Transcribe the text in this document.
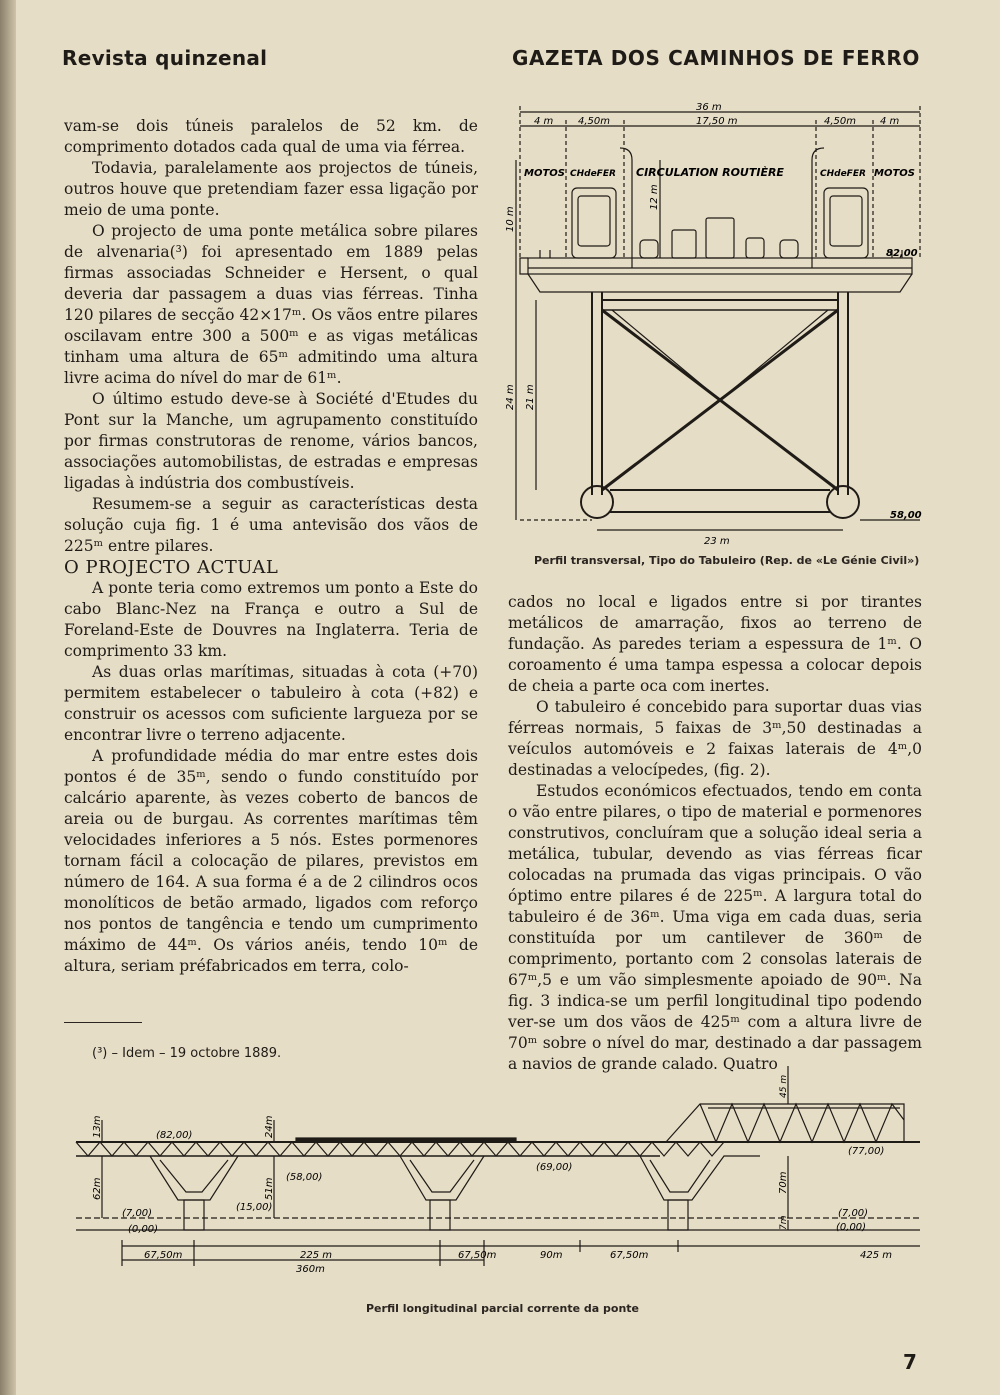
Revista quinzenal	GAZETA DOS CAMINHOS DE FERRO

vam-se dois túneis paralelos de 52 km. de comprimento dotados cada qual de uma via férrea.

Todavia, paralelamente aos projectos de túneis, outros houve que pretendiam fazer essa ligação por meio de uma ponte.

O projecto de uma ponte metálica sobre pilares de alvenaria(³) foi apresentado em 1889 pelas firmas associadas Schneider e Hersent, o qual deveria dar passagem a duas vias férreas. Tinha 120 pilares de secção 42×17ᵐ. Os vãos entre pilares oscilavam entre 300 a 500ᵐ e as vigas metálicas tinham uma altura de 65ᵐ admitindo uma altura livre acima do nível do mar de 61ᵐ.

O último estudo deve-se à Société d'Etudes du Pont sur la Manche, um agrupamento constituído por firmas construtoras de renome, vários bancos, associações automobilistas, de estradas e empresas ligadas à indústria dos combustíveis.

Resumem-se a seguir as características desta solução cuja fig. 1 é uma antevisão dos vãos de 225ᵐ entre pilares.

O PROJECTO ACTUAL

A ponte teria como extremos um ponto a Este do cabo Blanc-Nez na França e outro a Sul de Foreland-Este de Douvres na Inglaterra. Teria de comprimento 33 km.

As duas orlas marítimas, situadas à cota (+70) permitem estabelecer o tabuleiro à cota (+82) e construir os acessos com suficiente largueza por se encontrar livre o terreno adjacente.

A profundidade média do mar entre estes dois pontos é de 35ᵐ, sendo o fundo constituído por calcário aparente, às vezes coberto de bancos de areia ou de burgau. As correntes marítimas têm velocidades inferiores a 5 nós. Estes pormenores tornam fácil a colocação de pilares, previstos em número de 164. A sua forma é a de 2 cilindros ocos monolíticos de betão armado, ligados com reforço nos pontos de tangência e tendo um cumprimento máximo de 44ᵐ. Os vários anéis, tendo 10ᵐ de altura, seriam préfabricados em terra, colo-

(³) – Idem – 19 octobre 1889.

cados no local e ligados entre si por tirantes metálicos de amarração, fixos ao terreno de fundação. As paredes teriam a espessura de 1ᵐ. O coroamento é uma tampa espessa a colocar depois de cheia a parte oca com inertes.

O tabuleiro é concebido para suportar duas vias férreas normais, 5 faixas de 3ᵐ,50 destinadas a veículos automóveis e 2 faixas laterais de 4ᵐ,0 destinadas a velocípedes, (fig. 2).

Estudos económicos efectuados, tendo em conta o vão entre pilares, o tipo de material e pormenores construtivos, concluíram que a solução ideal seria a metálica, tubular, devendo as vias férreas ficar colocadas na prumada das vigas principais. O vão óptimo entre pilares é de 225ᵐ. A largura total do tabuleiro é de 36ᵐ. Uma viga em cada duas, seria constituída por um cantilever de 360ᵐ de comprimento, portanto com 2 consolas laterais de 67ᵐ,5 e um vão simplesmente apoiado de 90ᵐ. Na fig. 3 indica-se um perfil longitudinal tipo podendo ver-se um dos vãos de 425ᵐ com a altura livre de 70ᵐ sobre o nível do mar, destinado a dar passagem a navios de grande calado. Quatro

36 m
4 m 4,50m	17,50 m	4,50m 4 m
MOTOS CHdeFER CIRCULATION ROUTIÈRE	CHdeFER MOTOS
82,00
58,00
23 m
10 m
12 m
24 m 21 m
Perfil transversal, Tipo do Tabuleiro (Rep. de «Le Génie Civil»)
(82,00)
(58,00)
(69,00)
(77,00)
(7,00)
(15,00)
(0,00)
(7,00)
(0,00)
13m
62m
24m
51m	70m
7m
45 m
67,50m	225 m	67,50m	90m	67,50m	425 m
360m
Perfil longitudinal parcial corrente da ponte
7
